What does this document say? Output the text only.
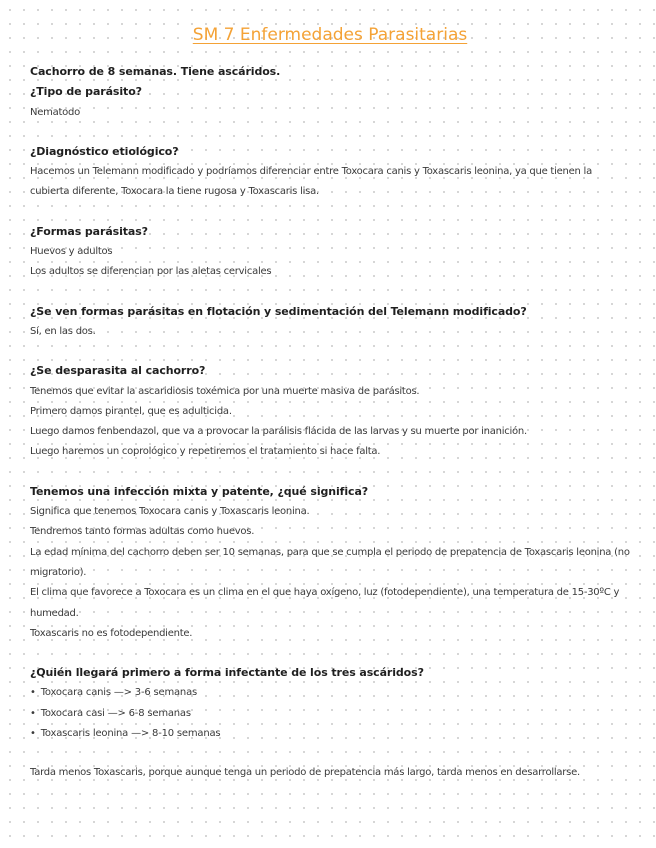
SM 7 Enfermedades Parasitarias

Cachorro de 8 semanas. Tiene ascáridos.

¿Tipo de parásito?

Nematodo

¿Diagnóstico etiológico?

Hacemos un Telemann modificado y podríamos diferenciar entre Toxocara canis y Toxascaris leonina, ya que tienen la cubierta diferente, Toxocara la tiene rugosa y Toxascaris lisa.

¿Formas parásitas?

Huevos y adultos

Los adultos se diferencian por las aletas cervicales

¿Se ven formas parásitas en flotación y sedimentación del Telemann modificado?

Sí, en las dos.

¿Se desparasita al cachorro?

Tenemos que evitar la ascaridiosis toxémica por una muerte masiva de parásitos.

Primero damos pirantel, que es adulticida.

Luego damos fenbendazol, que va a provocar la parálisis flácida de las larvas y su muerte por inanición.

Luego haremos un coprológico y repetiremos el tratamiento si hace falta.

Tenemos una infección mixta y patente, ¿qué significa?

Significa que tenemos Toxocara canis y Toxascaris leonina.

Tendremos tanto formas adultas como huevos.

La edad mínima del cachorro deben ser 10 semanas, para que se cumpla el periodo de prepatencia de Toxascaris leonina (no migratorio).

El clima que favorece a Toxocara es un clima en el que haya oxígeno, luz (fotodependiente), una temperatura de 15-30ºC y humedad.

Toxascaris no es fotodependiente.

¿Quién llegará primero a forma infectante de los tres ascáridos?

• Toxocara canis —> 3-6 semanas
• Toxocara casi —> 6-8 semanas
• Toxascaris leonina —> 8-10 semanas

Tarda menos Toxascaris, porque aunque tenga un periodo de prepatencia más largo, tarda menos en desarrollarse.
